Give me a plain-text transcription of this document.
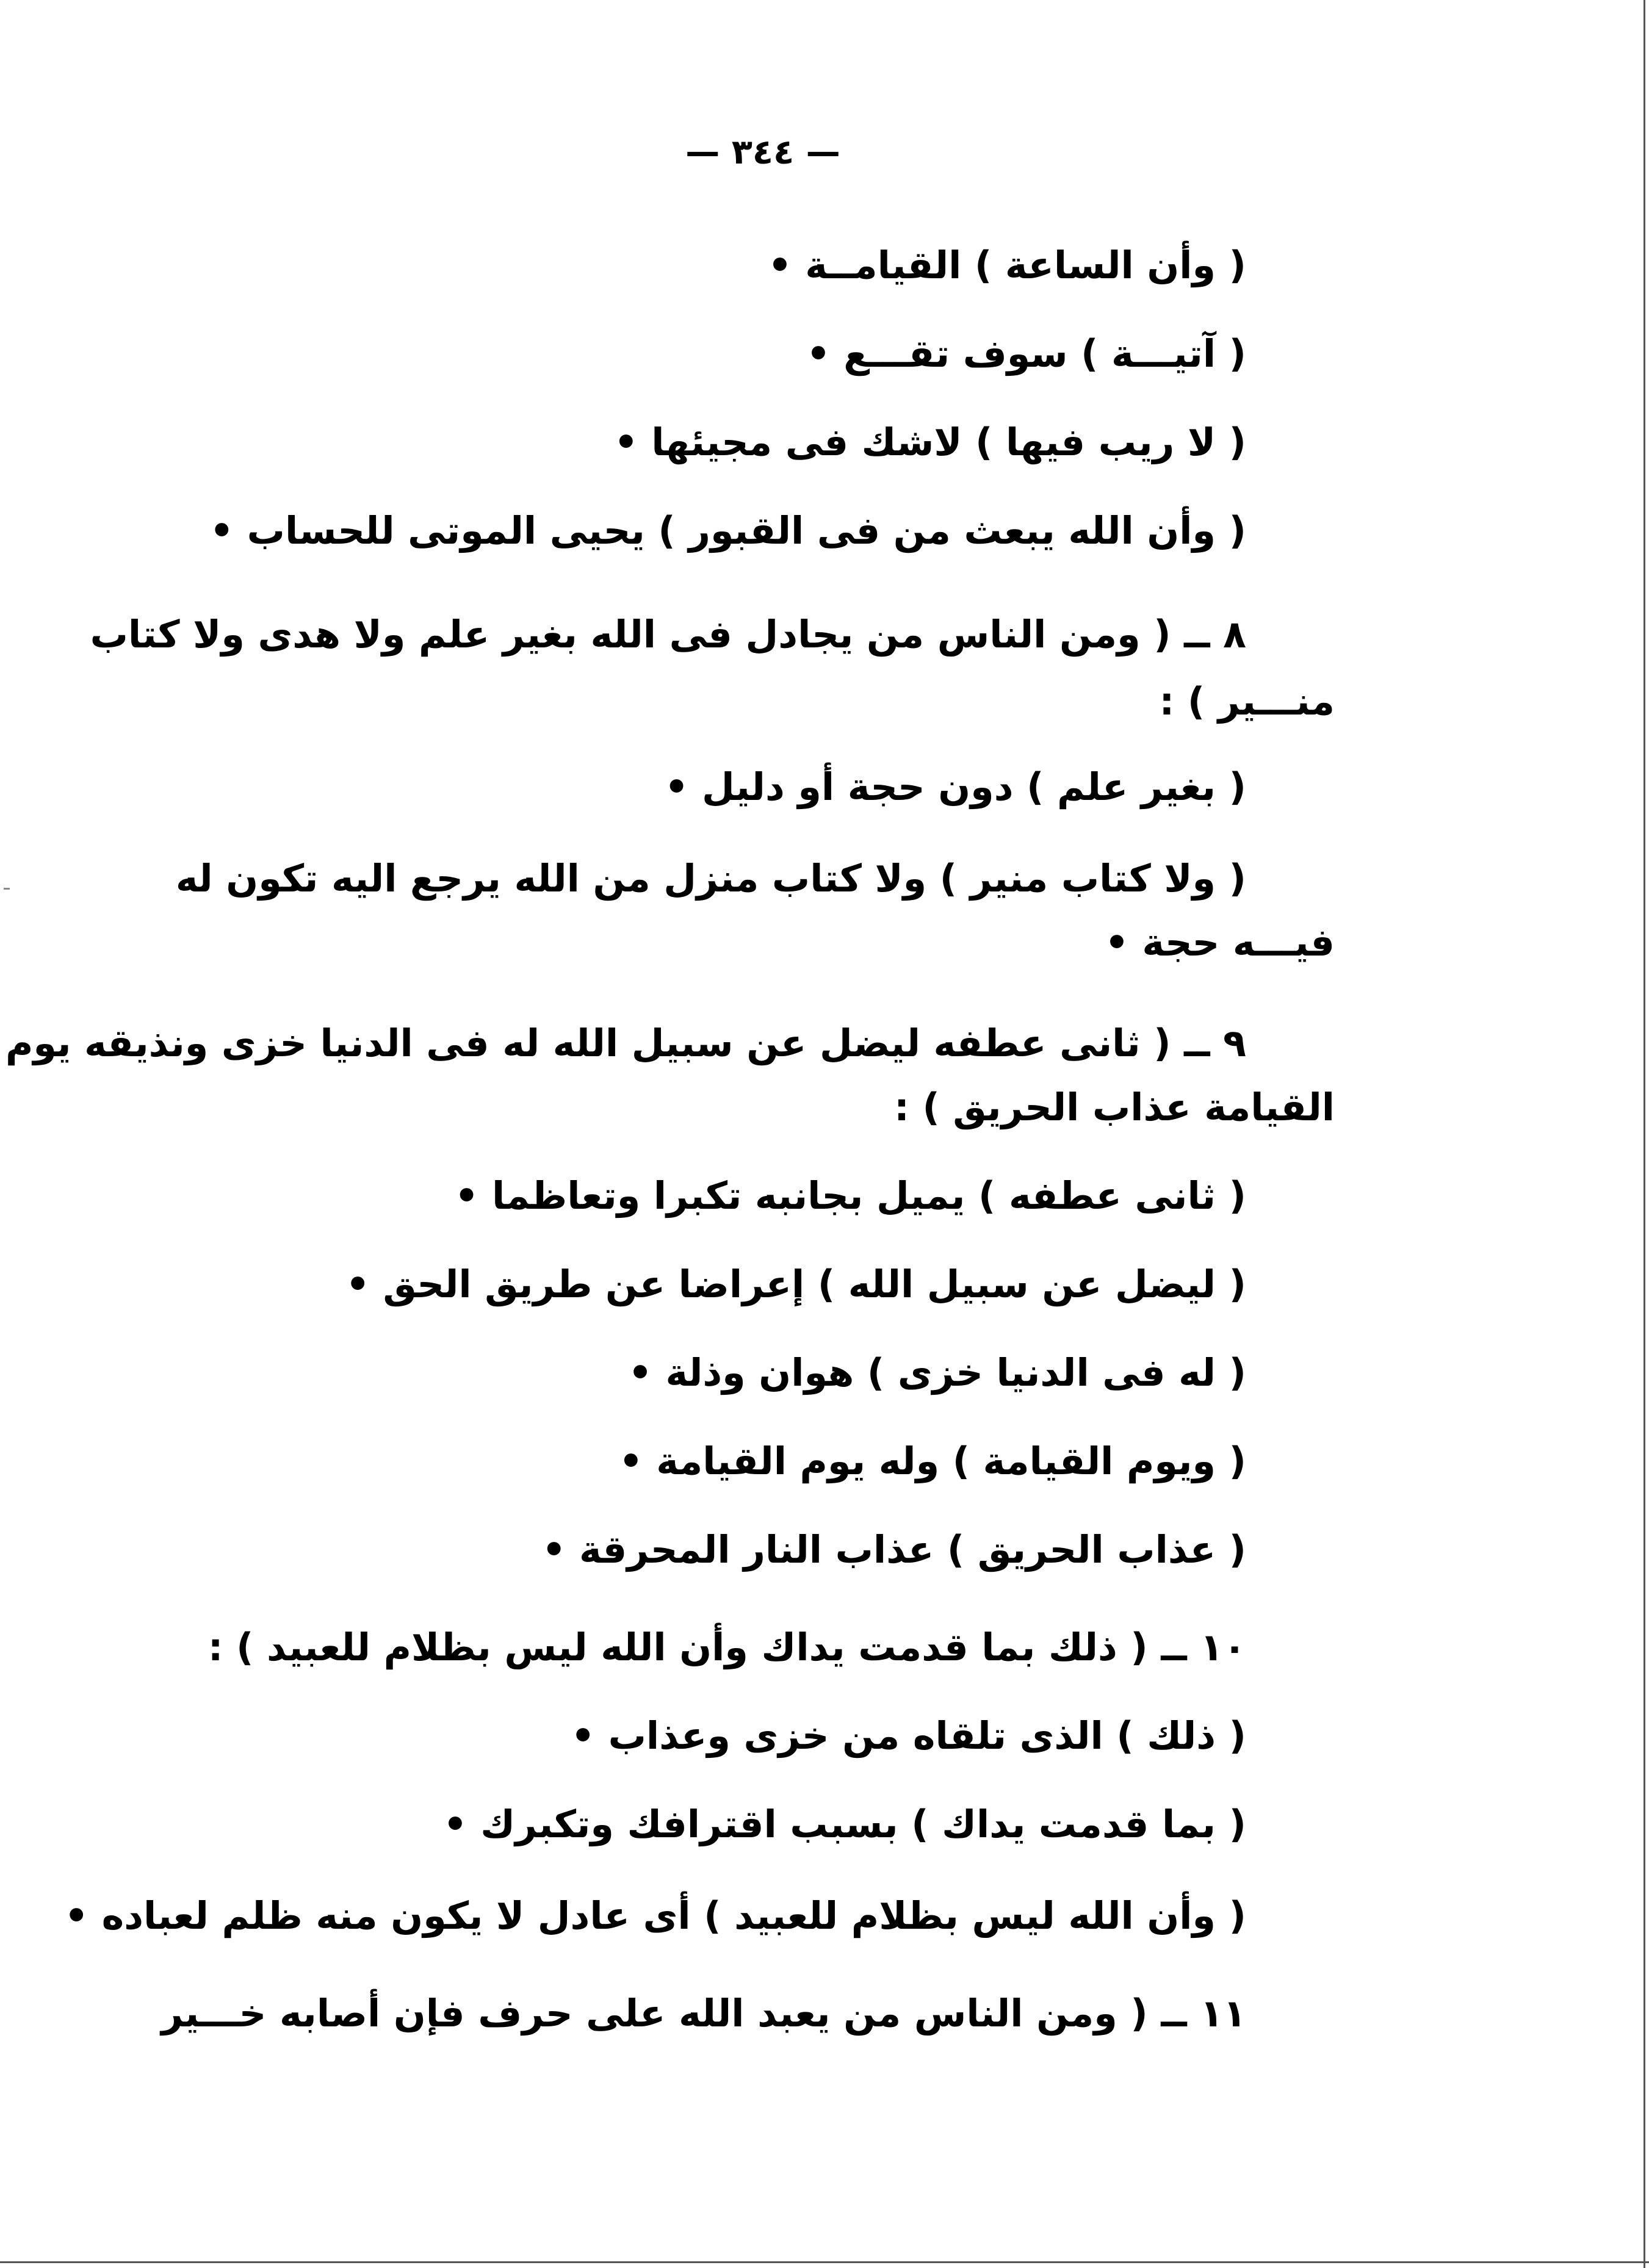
— ٣٤٤ —
( وأن الساعة ) القيامــة •
( آتيـــة ) سوف تقـــع •
( لا ريب فيها ) لاشك فى مجيئها •
( وأن الله يبعث من فى القبور ) يحيى الموتى للحساب •
٨ ــ ( ومن الناس من يجادل فى الله بغير علم ولا هدى ولا كتاب
منـــير ) :
( بغير علم ) دون حجة أو دليل •
( ولا كتاب منير ) ولا كتاب منزل من الله يرجع اليه تكون له
فيـــه حجة •
٩ ــ ( ثانى عطفه ليضل عن سبيل الله له فى الدنيا خزى ونذيقه يوم
القيامة عذاب الحريق ) :
( ثانى عطفه ) يميل بجانبه تكبرا وتعاظما •
( ليضل عن سبيل الله ) إعراضا عن طريق الحق •
( له فى الدنيا خزى ) هوان وذلة •
( ويوم القيامة ) وله يوم القيامة •
( عذاب الحريق ) عذاب النار المحرقة •
١٠ ــ ( ذلك بما قدمت يداك وأن الله ليس بظلام للعبيد ) :
( ذلك ) الذى تلقاه من خزى وعذاب •
( بما قدمت يداك ) بسبب اقترافك وتكبرك •
( وأن الله ليس بظلام للعبيد ) أى عادل لا يكون منه ظلم لعباده •
١١ ــ ( ومن الناس من يعبد الله على حرف فإن أصابه خـــير
